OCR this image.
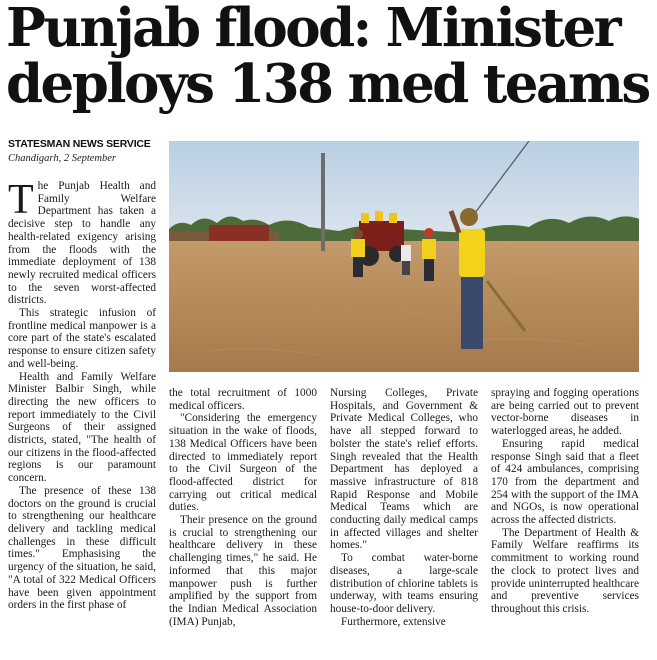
Punjab flood: Minister deploys 138 med teams
STATESMAN NEWS SERVICE
Chandigarh, 2 September

The Punjab Health and Family Welfare Department has taken a decisive step to handle any health-related exigency arising from the floods with the immediate deployment of 138 newly recruited medical officers to the seven worst-affected districts.

This strategic infusion of frontline medical manpower is a core part of the state's escalated response to ensure citizen safety and well-being.

Health and Family Welfare Minister Balbir Singh, while directing the new officers to report immediately to the Civil Surgeons of their assigned districts, stated, "The health of our citizens in the flood-affected regions is our paramount concern.

The presence of these 138 doctors on the ground is crucial to strengthening our healthcare delivery and tackling medical challenges in these difficult times." Emphasising the urgency of the situation, he said, "A total of 322 Medical Officers have been given appointment orders in the first phase of

the total recruitment of 1000 medical officers.

"Considering the emergency situation in the wake of floods, 138 Medical Officers have been directed to immediately report to the Civil Surgeon of the flood-affected district for carrying out critical medical duties.

Their presence on the ground is crucial to strengthening our healthcare delivery in these challenging times," he said. He informed that this major manpower push is further amplified by the support from the Indian Medical Association (IMA) Punjab,

Nursing Colleges, Private Hospitals, and Government & Private Medical Colleges, who have all stepped forward to bolster the state's relief efforts. Singh revealed that the Health Department has deployed a massive infrastructure of 818 Rapid Response and Mobile Medical Teams which are conducting daily medical camps in affected villages and shelter homes."

To combat water-borne diseases, a large-scale distribution of chlorine tablets is underway, with teams ensuring house-to-door delivery.

Furthermore, extensive

spraying and fogging operations are being carried out to prevent vector-borne diseases in waterlogged areas, he added.

Ensuring rapid medical response Singh said that a fleet of 424 ambulances, comprising 170 from the department and 254 with the support of the IMA and NGOs, is now operational across the affected districts.

The Department of Health & Family Welfare reaffirms its commitment to working round the clock to protect lives and provide uninterrupted healthcare and preventive services throughout this crisis.
